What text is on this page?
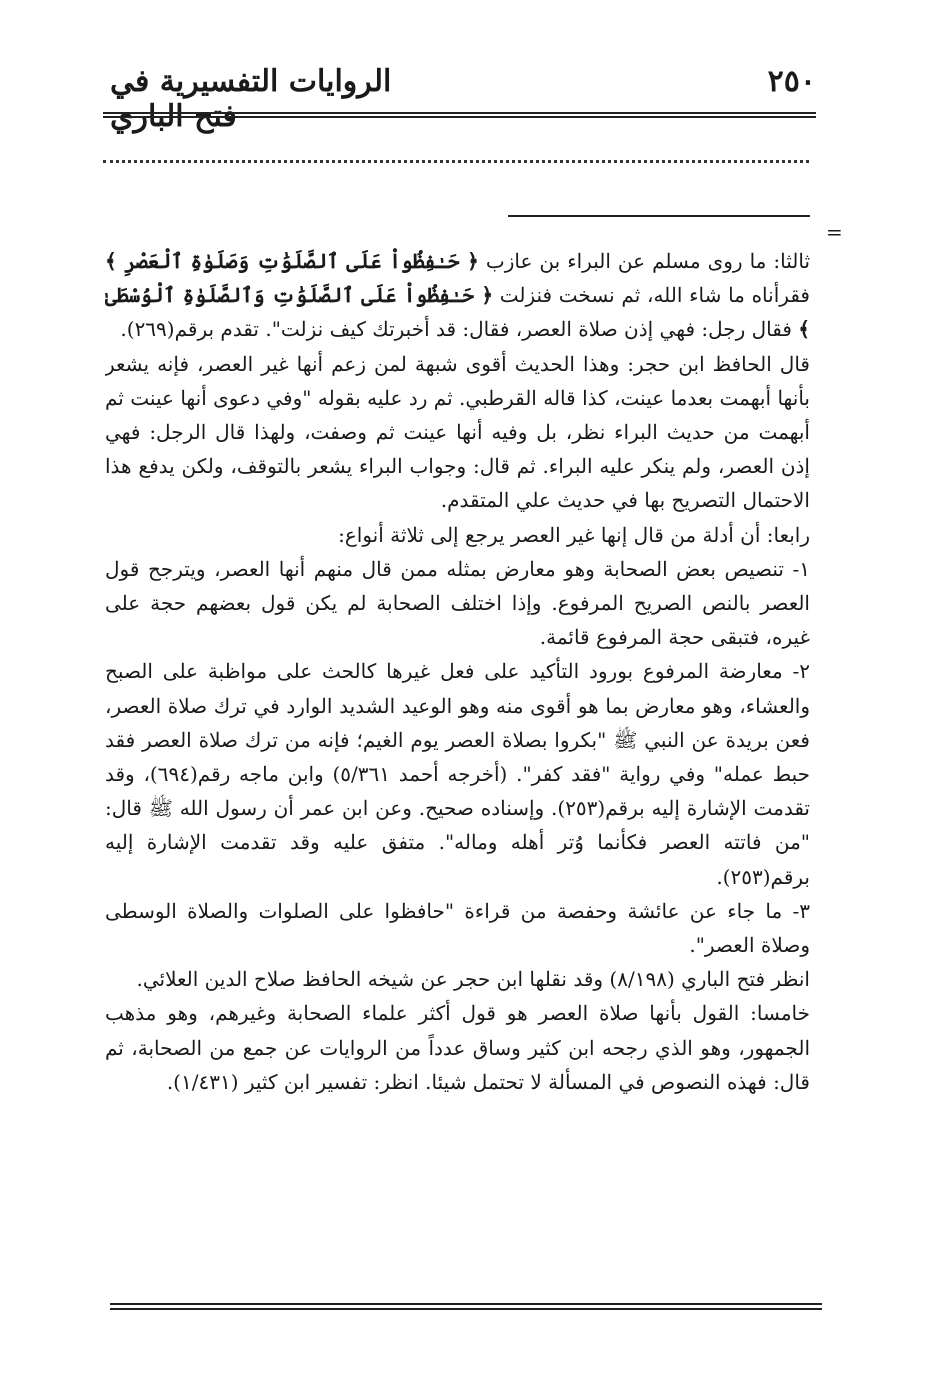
٢٥٠
الروايات التفسيرية في فتح الباري
=

ثالثا: ما روى مسلم عن البراء بن عازب ﴿ حَـٰفِظُواْ عَلَى ٱلصَّلَوَٰتِ وَصَلَوٰةِ ٱلْعَصْرِ ﴾ فقرأناه ما شاء الله، ثم نسخت فنزلت ﴿ حَـٰفِظُواْ عَلَى ٱلصَّلَوَٰتِ وَٱلصَّلَوٰةِ ٱلْوُسْطَىٰ ﴾ فقال رجل: فهي إذن صلاة العصر، فقال: قد أخبرتك كيف نزلت". تقدم برقم(٢٦٩).

قال الحافظ ابن حجر: وهذا الحديث أقوى شبهة لمن زعم أنها غير العصر، فإنه يشعر بأنها أبهمت بعدما عينت، كذا قاله القرطبي. ثم رد عليه بقوله "وفي دعوى أنها عينت ثم أبهمت من حديث البراء نظر، بل وفيه أنها عينت ثم وصفت، ولهذا قال الرجل: فهي إذن العصر، ولم ينكر عليه البراء. ثم قال: وجواب البراء يشعر بالتوقف، ولكن يدفع هذا الاحتمال التصريح بها في حديث علي المتقدم.

رابعا: أن أدلة من قال إنها غير العصر يرجع إلى ثلاثة أنواع:

١- تنصيص بعض الصحابة وهو معارض بمثله ممن قال منهم أنها العصر، ويترجح قول العصر بالنص الصريح المرفوع. وإذا اختلف الصحابة لم يكن قول بعضهم حجة على غيره، فتبقى حجة المرفوع قائمة.

٢- معارضة المرفوع بورود التأكيد على فعل غيرها كالحث على مواظبة على الصبح والعشاء، وهو معارض بما هو أقوى منه وهو الوعيد الشديد الوارد في ترك صلاة العصر، فعن بريدة عن النبي ﷺ "بكروا بصلاة العصر يوم الغيم؛ فإنه من ترك صلاة العصر فقد حبط عمله" وفي رواية "فقد كفر". (أخرجه أحمد ٥/٣٦١) وابن ماجه رقم(٦٩٤)، وقد تقدمت الإشارة إليه برقم(٢٥٣). وإسناده صحيح. وعن ابن عمر أن رسول الله ﷺ قال: "من فاتته العصر فكأنما وُتر أهله وماله". متفق عليه وقد تقدمت الإشارة إليه برقم(٢٥٣).

٣- ما جاء عن عائشة وحفصة من قراءة "حافظوا على الصلوات والصلاة الوسطى وصلاة العصر".

انظر فتح الباري (٨/١٩٨) وقد نقلها ابن حجر عن شيخه الحافظ صلاح الدين العلائي.

خامسا: القول بأنها صلاة العصر هو قول أكثر علماء الصحابة وغيرهم، وهو مذهب الجمهور، وهو الذي رجحه ابن كثير وساق عدداً من الروايات عن جمع من الصحابة، ثم قال: فهذه النصوص في المسألة لا تحتمل شيئا. انظر: تفسير ابن كثير (١/٤٣١).
